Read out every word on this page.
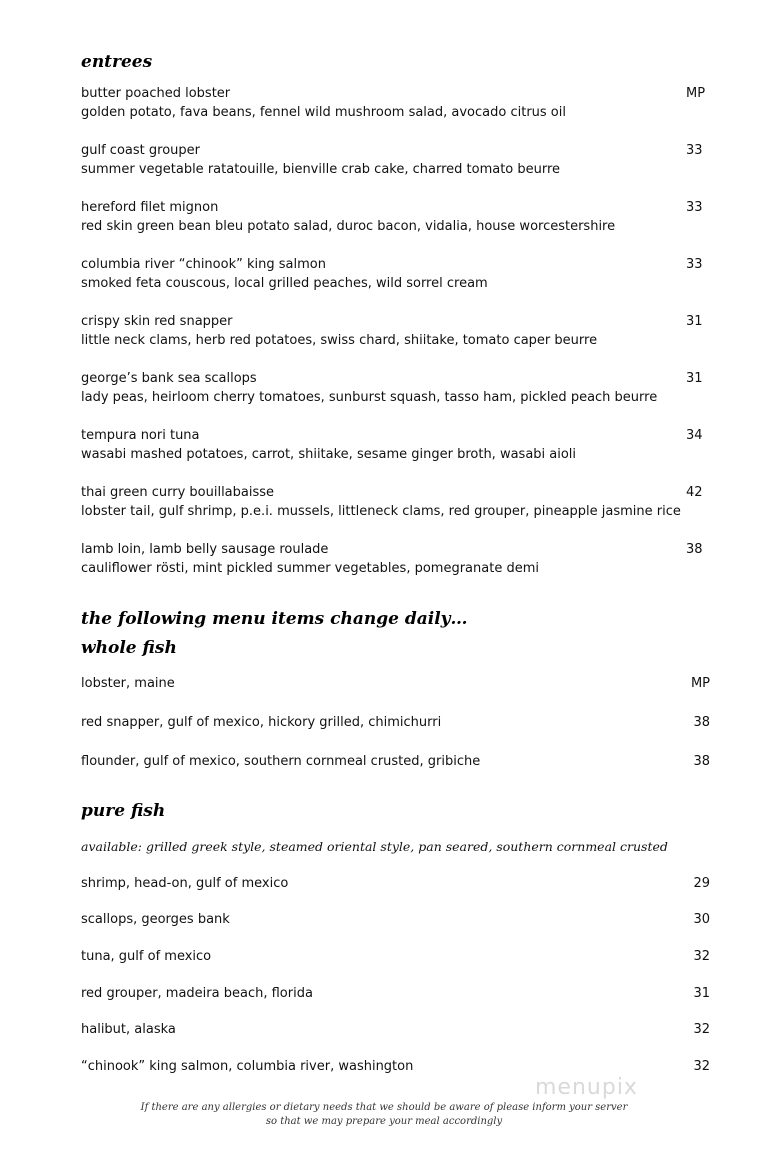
entrees
butter poached lobster
golden potato, fava beans, fennel wild mushroom salad, avocado citrus oil
MP
gulf coast grouper
summer vegetable ratatouille, bienville crab cake, charred tomato beurre
33
hereford filet mignon
red skin green bean bleu potato salad, duroc bacon, vidalia, house worcestershire
33
columbia river “chinook” king salmon
smoked feta couscous, local grilled peaches, wild sorrel cream
33
crispy skin red snapper
little neck clams, herb red potatoes, swiss chard, shiitake, tomato caper beurre
31
george’s bank sea scallops
lady peas, heirloom cherry tomatoes, sunburst squash, tasso ham, pickled peach beurre
31
tempura nori tuna
wasabi mashed potatoes, carrot, shiitake, sesame ginger broth, wasabi aioli
34
thai green curry bouillabaisse
lobster tail, gulf shrimp, p.e.i. mussels, littleneck clams, red grouper, pineapple jasmine rice
42
lamb loin, lamb belly sausage roulade
cauliflower rösti, mint pickled summer vegetables, pomegranate demi
38
the following menu items change daily…
whole fish
lobster, maine	MP
red snapper, gulf of mexico, hickory grilled, chimichurri	38
flounder, gulf of mexico, southern cornmeal crusted, gribiche	38
pure fish
available: grilled greek style, steamed oriental style, pan seared, southern cornmeal crusted
shrimp, head-on, gulf of mexico	29
scallops, georges bank	30
tuna, gulf of mexico	32
red grouper, madeira beach, florida	31
halibut, alaska	32
“chinook” king salmon, columbia river, washington	32
menupix
If there are any allergies or dietary needs that we should be aware of please inform your server
so that we may prepare your meal accordingly
